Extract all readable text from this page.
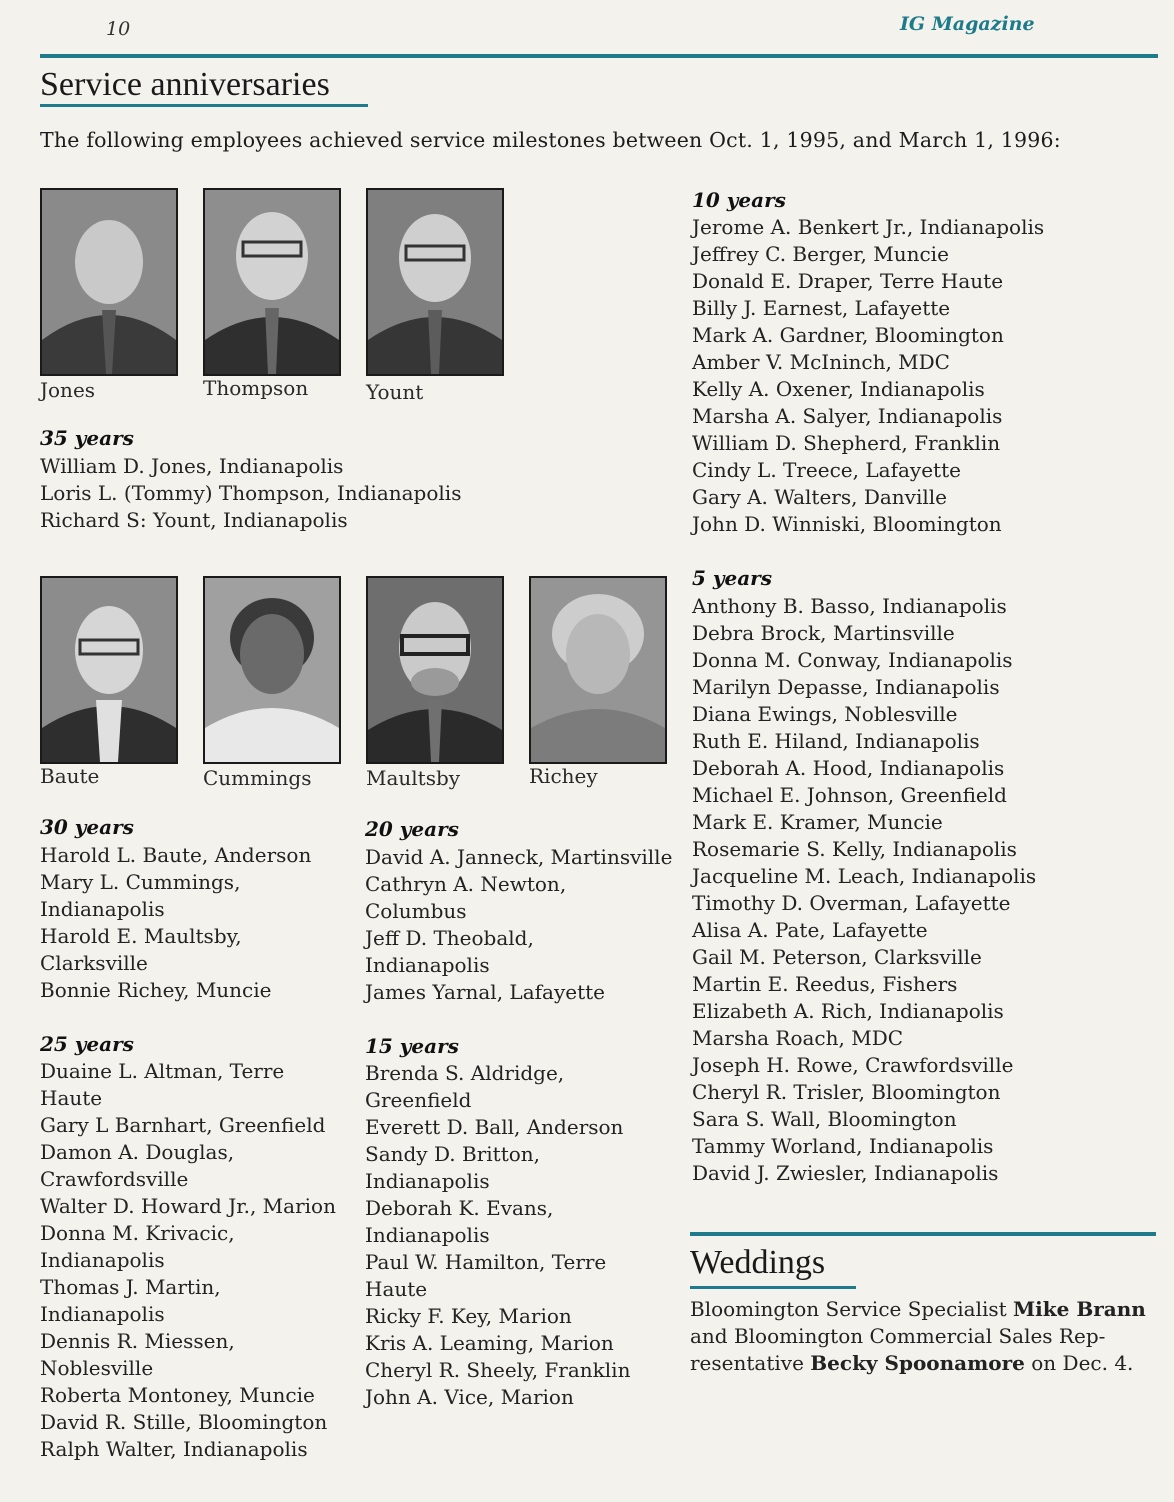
10	IG Magazine
Service anniversaries
The following employees achieved service milestones between Oct. 1, 1995, and March 1, 1996:
Jones	Thompson	Yount
35 years
William D. Jones, Indianapolis
Loris L. (Tommy) Thompson, Indianapolis
Richard S: Yount, Indianapolis
Baute	Cummings	Maultsby	Richey
30 years
Harold L. Baute, Anderson
Mary L. Cummings,
Indianapolis
Harold E. Maultsby,
Clarksville
Bonnie Richey, Muncie
25 years
Duaine L. Altman, Terre
Haute
Gary L Barnhart, Greenfield
Damon A. Douglas,
Crawfordsville
Walter D. Howard Jr., Marion
Donna M. Krivacic,
Indianapolis
Thomas J. Martin,
Indianapolis
Dennis R. Miessen,
Noblesville
Roberta Montoney, Muncie
David R. Stille, Bloomington
Ralph Walter, Indianapolis
20 years
David A. Janneck, Martinsville
Cathryn A. Newton,
Columbus
Jeff D. Theobald,
Indianapolis
James Yarnal, Lafayette
15 years
Brenda S. Aldridge,
Greenfield
Everett D. Ball, Anderson
Sandy D. Britton,
Indianapolis
Deborah K. Evans,
Indianapolis
Paul W. Hamilton, Terre
Haute
Ricky F. Key, Marion
Kris A. Leaming, Marion
Cheryl R. Sheely, Franklin
John A. Vice, Marion
10 years
Jerome A. Benkert Jr., Indianapolis
Jeffrey C. Berger, Muncie
Donald E. Draper, Terre Haute
Billy J. Earnest, Lafayette
Mark A. Gardner, Bloomington
Amber V. McIninch, MDC
Kelly A. Oxener, Indianapolis
Marsha A. Salyer, Indianapolis
William D. Shepherd, Franklin
Cindy L. Treece, Lafayette
Gary A. Walters, Danville
John D. Winniski, Bloomington
5 years
Anthony B. Basso, Indianapolis
Debra Brock, Martinsville
Donna M. Conway, Indianapolis
Marilyn Depasse, Indianapolis
Diana Ewings, Noblesville
Ruth E. Hiland, Indianapolis
Deborah A. Hood, Indianapolis
Michael E. Johnson, Greenfield
Mark E. Kramer, Muncie
Rosemarie S. Kelly, Indianapolis
Jacqueline M. Leach, Indianapolis
Timothy D. Overman, Lafayette
Alisa A. Pate, Lafayette
Gail M. Peterson, Clarksville
Martin E. Reedus, Fishers
Elizabeth A. Rich, Indianapolis
Marsha Roach, MDC
Joseph H. Rowe, Crawfordsville
Cheryl R. Trisler, Bloomington
Sara S. Wall, Bloomington
Tammy Worland, Indianapolis
David J. Zwiesler, Indianapolis
Weddings
Bloomington Service Specialist Mike Brann and Bloomington Commercial Sales Rep-resentative Becky Spoonamore on Dec. 4.
